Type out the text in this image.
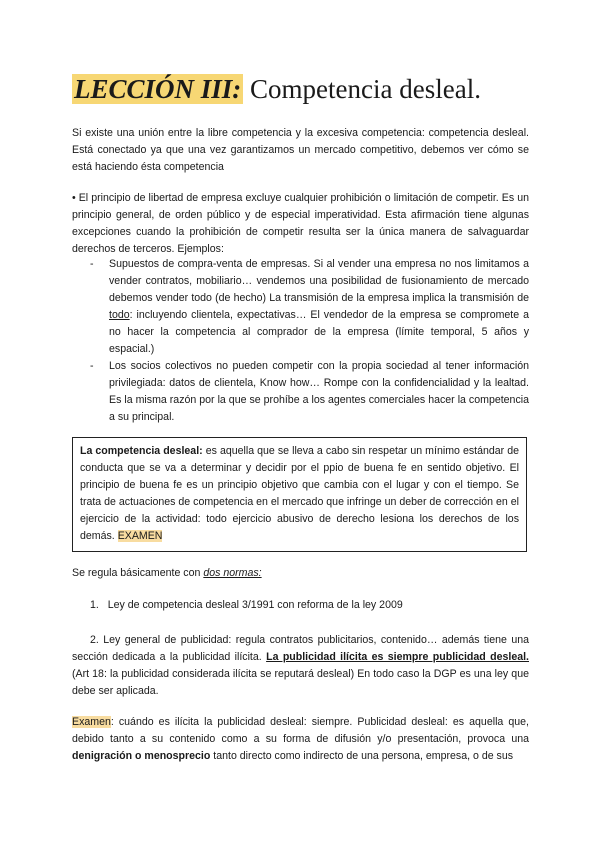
LECCIÓN III: Competencia desleal.

Si existe una unión entre la libre competencia y la excesiva competencia: competencia desleal. Está conectado ya que una vez garantizamos un mercado competitivo, debemos ver cómo se está haciendo ésta competencia

• El principio de libertad de empresa excluye cualquier prohibición o limitación de competir. Es un principio general, de orden público y de especial imperatividad. Esta afirmación tiene algunas excepciones cuando la prohibición de competir resulta ser la única manera de salvaguardar derechos de terceros. Ejemplos:

- Supuestos de compra-venta de empresas. Si al vender una empresa no nos limitamos a vender contratos, mobiliario… vendemos una posibilidad de fusionamiento de mercado debemos vender todo (de hecho) La transmisión de la empresa implica la transmisión de todo: incluyendo clientela, expectativas… El vendedor de la empresa se compromete a no hacer la competencia al comprador de la empresa (límite temporal, 5 años y espacial.)
- Los socios colectivos no pueden competir con la propia sociedad al tener información privilegiada: datos de clientela, Know how… Rompe con la confidencialidad y la lealtad. Es la misma razón por la que se prohíbe a los agentes comerciales hacer la competencia a su principal.
La competencia desleal: es aquella que se lleva a cabo sin respetar un mínimo estándar de conducta que se va a determinar y decidir por el ppio de buena fe en sentido objetivo. El principio de buena fe es un principio objetivo que cambia con el lugar y con el tiempo. Se trata de actuaciones de competencia en el mercado que infringe un deber de corrección en el ejercicio de la actividad: todo ejercicio abusivo de derecho lesiona los derechos de los demás. EXAMEN

Se regula básicamente con dos normas:

1. Ley de competencia desleal 3/1991 con reforma de la ley 2009

2. Ley general de publicidad: regula contratos publicitarios, contenido… además tiene una sección dedicada a la publicidad ilícita. La publicidad ilícita es siempre publicidad desleal. (Art 18: la publicidad considerada ilícita se reputará desleal) En todo caso la DGP es una ley que debe ser aplicada.

Examen: cuándo es ilícita la publicidad desleal: siempre. Publicidad desleal: es aquella que, debido tanto a su contenido como a su forma de difusión y/o presentación, provoca una denigración o menosprecio tanto directo como indirecto de una persona, empresa, o de sus
